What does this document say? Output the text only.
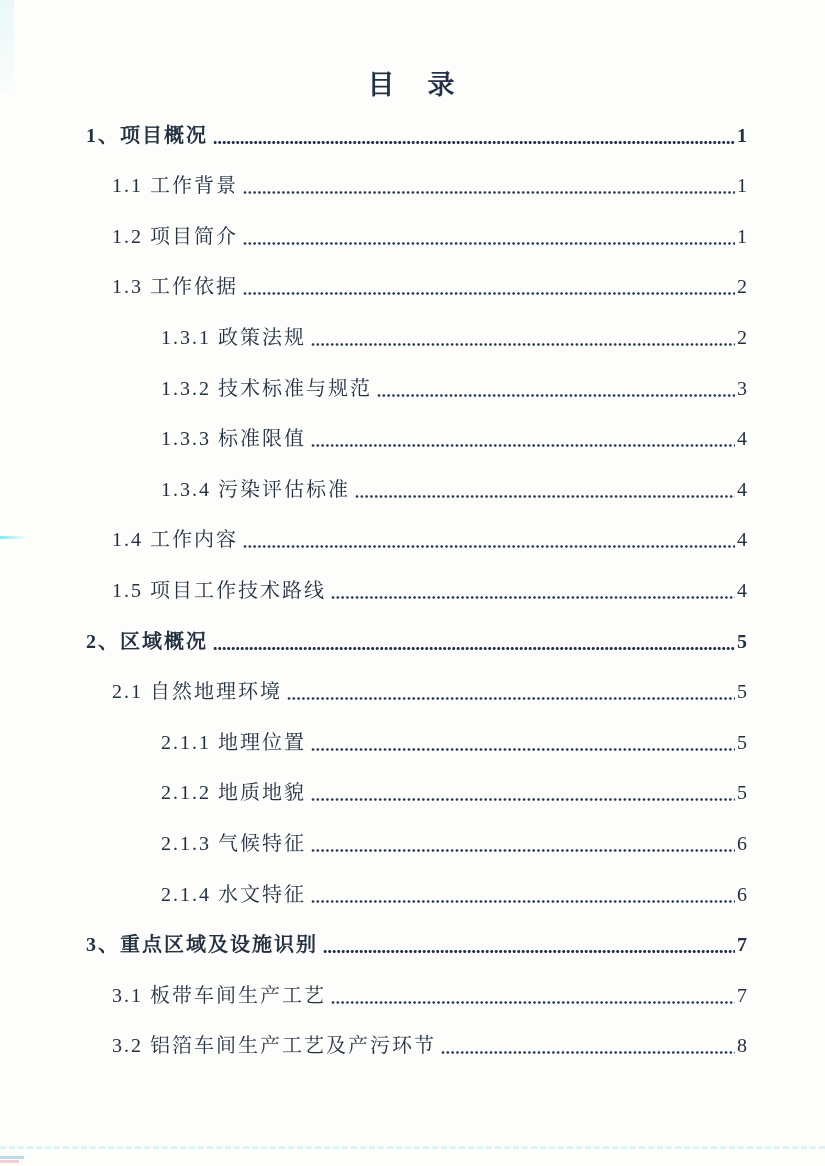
目　录
1、项目概况	1
1.1 工作背景	1
1.2 项目简介	1
1.3 工作依据	2
1.3.1 政策法规	2
1.3.2 技术标准与规范	3
1.3.3 标准限值	4
1.3.4 污染评估标准	4
1.4 工作内容	4
1.5 项目工作技术路线	4
2、区域概况	5
2.1 自然地理环境	5
2.1.1 地理位置	5
2.1.2 地质地貌	5
2.1.3 气候特征	6
2.1.4 水文特征	6
3、重点区域及设施识别	7
3.1 板带车间生产工艺	7
3.2 铝箔车间生产工艺及产污环节	8
